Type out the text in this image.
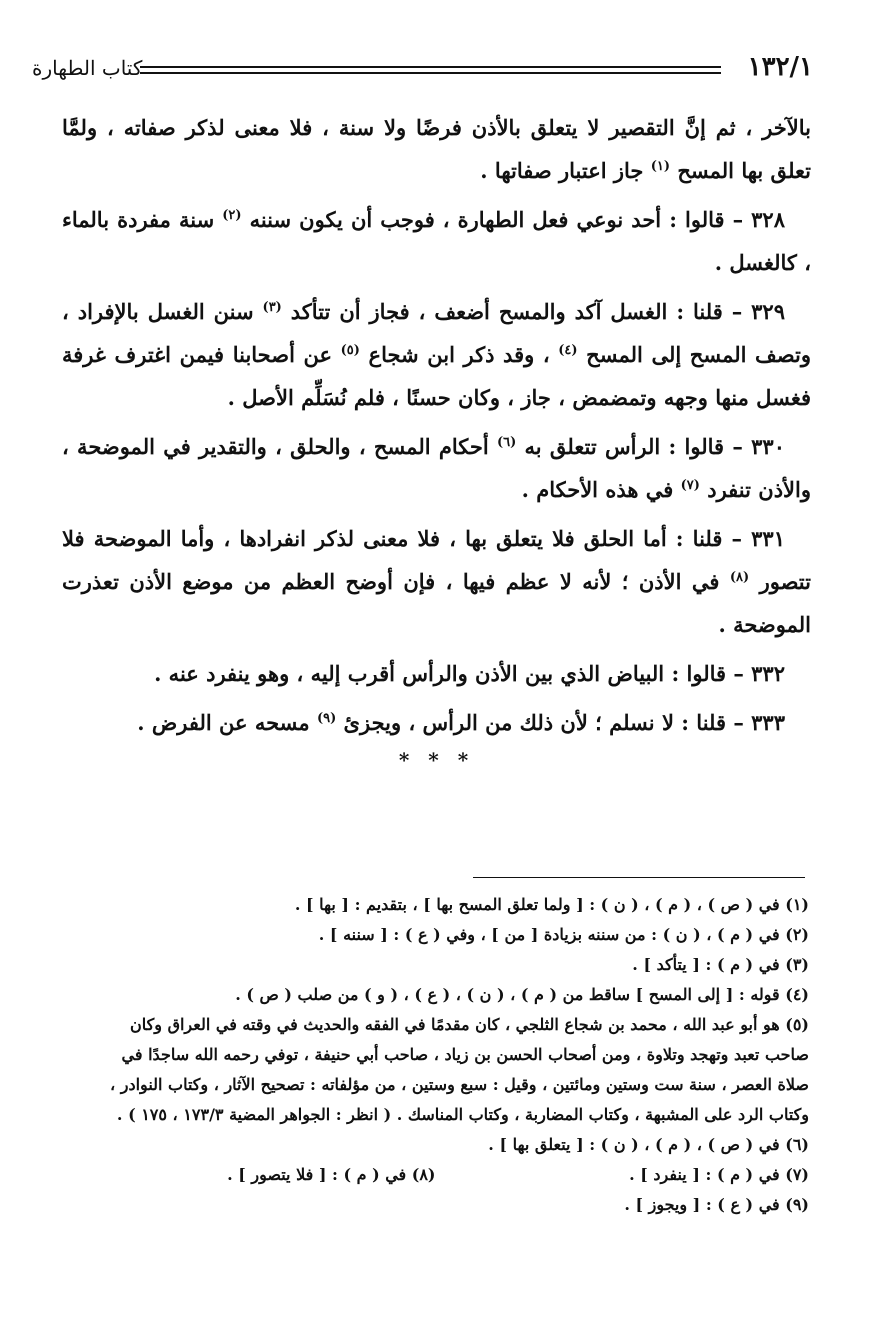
١٣٢/١
كتاب الطهارة

بالآخر ، ثم إنَّ التقصير لا يتعلق بالأذن فرضًا ولا سنة ، فلا معنى لذكر صفاته ، ولمَّا تعلق بها المسح $^{(١)}$ جاز اعتبار صفاتها .

٣٢٨ – قالوا : أحد نوعي فعل الطهارة ، فوجب أن يكون سننه $^{(٢)}$ سنة مفردة بالماء ، كالغسل .

٣٢٩ – قلنا : الغسل آكد والمسح أضعف ، فجاز أن تتأكد $^{(٣)}$ سنن الغسل بالإفراد ، وتصف المسح إلى المسح $^{(٤)}$ ، وقد ذكر ابن شجاع $^{(٥)}$ عن أصحابنا فيمن اغترف غرفة فغسل منها وجهه وتمضمض ، جاز ، وكان حسنًا ، فلم نُسَلِّم الأصل .

٣٣٠ – قالوا : الرأس تتعلق به $^{(٦)}$ أحكام المسح ، والحلق ، والتقدير في الموضحة ، والأذن تنفرد $^{(٧)}$ في هذه الأحكام .

٣٣١ – قلنا : أما الحلق فلا يتعلق بها ، فلا معنى لذكر انفرادها ، وأما الموضحة فلا تتصور $^{(٨)}$ في الأذن ؛ لأنه لا عظم فيها ، فإن أوضح العظم من موضع الأذن تعذرت الموضحة .

٣٣٢ – قالوا : البياض الذي بين الأذن والرأس أقرب إليه ، وهو ينفرد عنه .

٣٣٣ – قلنا : لا نسلم ؛ لأن ذلك من الرأس ، ويجزئ $^{(٩)}$ مسحه عن الفرض .

* * *
(١) في ( ص ) ، ( م ) ، ( ن ) : [ ولما تعلق المسح بها ] ، بتقديم : [ بها ] .
(٢) في ( م ) ، ( ن ) : من سننه بزيادة [ من ] ، وفي ( ع ) : [ سننه ] .
(٣) في ( م ) : [ يتأكد ] .
(٤) قوله : [ إلى المسح ] ساقط من ( م ) ، ( ن ) ، ( ع ) ، ( و ) من صلب ( ص ) .
(٥) هو أبو عبد الله ، محمد بن شجاع الثلجي ، كان مقدمًا في الفقه والحديث في وقته في العراق وكان
صاحب تعبد وتهجد وتلاوة ، ومن أصحاب الحسن بن زياد ، صاحب أبي حنيفة ، توفي رحمه الله ساجدًا في
صلاة العصر ، سنة ست وستين ومائتين ، وقيل : سبع وستين ، من مؤلفاته : تصحيح الآثار ، وكتاب النوادر ،
وكتاب الرد على المشبهة ، وكتاب المضاربة ، وكتاب المناسك . ( انظر : الجواهر المضية ١٧٣/٣ ، ١٧٥ ) .
(٦) في ( ص ) ، ( م ) ، ( ن ) : [ يتعلق بها ] .
(٧) في ( م ) : [ ينفرد ] .
(٨) في ( م ) : [ فلا يتصور ] .
(٩) في ( ع ) : [ ويجوز ] .
